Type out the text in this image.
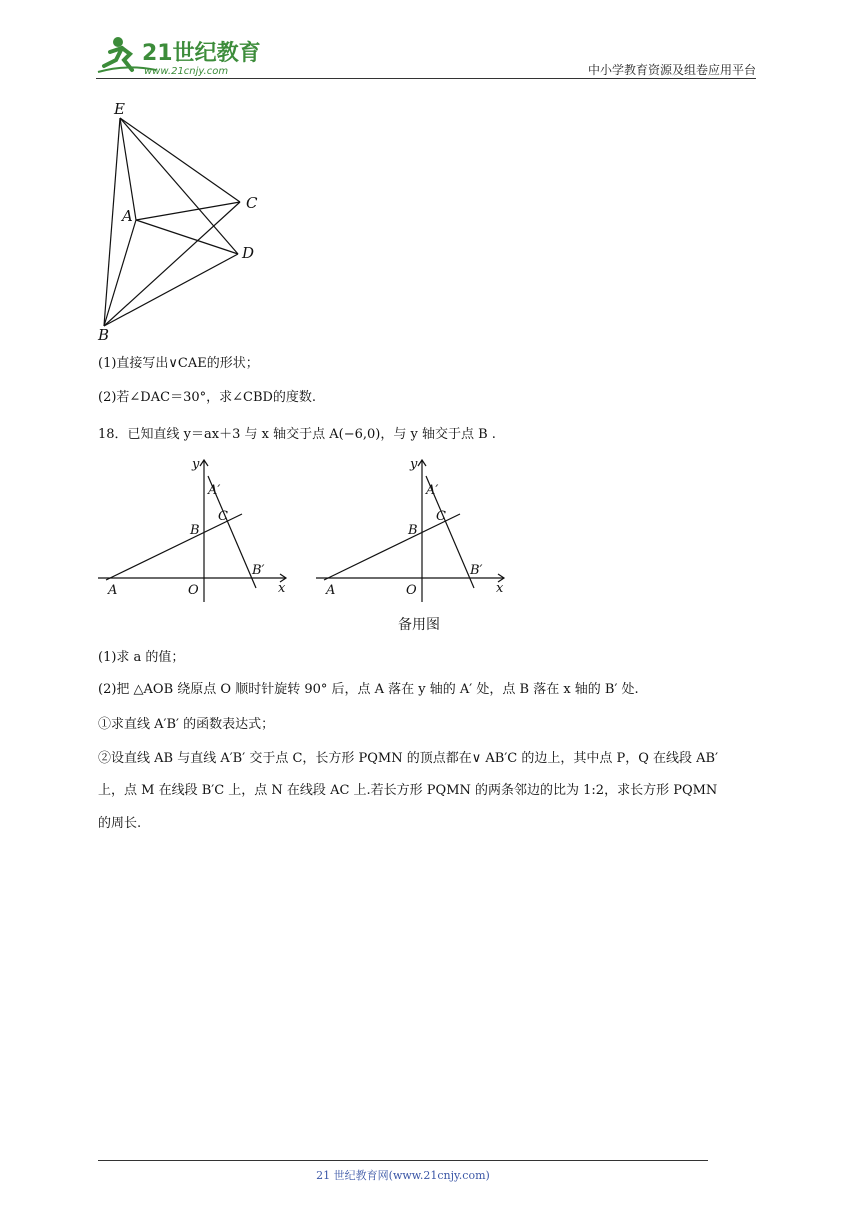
21世纪教育
www.21cnjy.com	中小学教育资源及组卷应用平台
E
C
A
D
B
(1)直接写出∨CAE的形状；
(2)若∠DAC＝30°，求∠CBD的度数.
18．已知直线 y＝ax＋3 与 x 轴交于点 A(−6,0)，与 y 轴交于点 B .
y
x
A′
C
B
B′
O
A
y
x
A′
C
B
B′
O
A
备用图
(1)求 a 的值；
(2)把 △AOB 绕原点 O 顺时针旋转 90° 后，点 A 落在 y 轴的 A′ 处，点 B 落在 x 轴的 B′ 处.
①求直线 A′B′ 的函数表达式；
②设直线 AB 与直线 A′B′ 交于点 C，长方形 PQMN 的顶点都在∨ AB′C 的边上，其中点 P，Q 在线段 AB′
上，点 M 在线段 B′C 上，点 N 在线段 AC 上.若长方形 PQMN 的两条邻边的比为 1:2，求长方形 PQMN
的周长.
21 世纪教育网(www.21cnjy.com)
